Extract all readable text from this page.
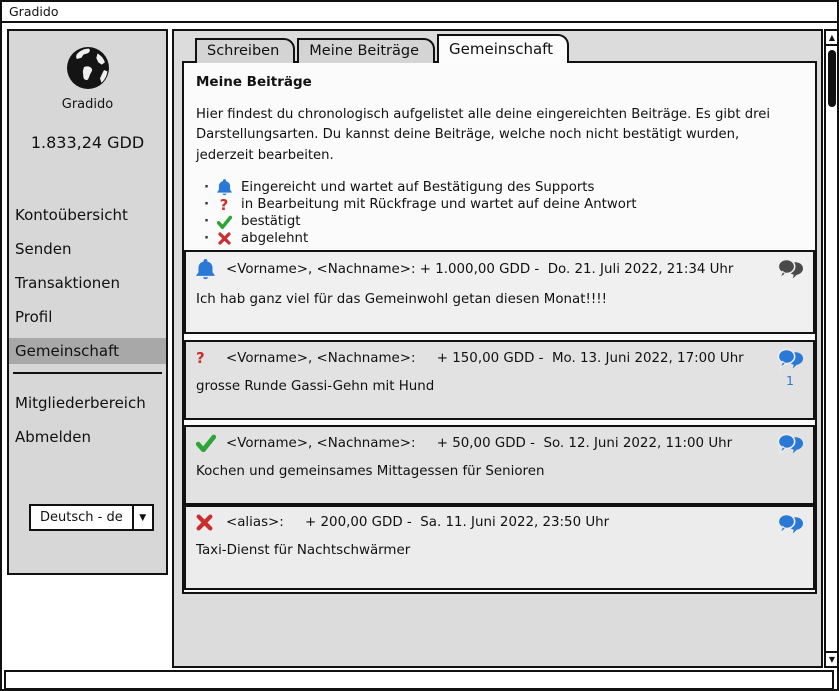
Gradido
Gradido
1.833,24 GDD
Kontoübersicht
Senden
Transaktionen
Profil
Gemeinschaft
Mitgliederbereich
Abmelden
Deutsch - de	▼
Schreiben	Meine Beiträge	Gemeinschaft
Meine Beiträge

Hier findest du chronologisch aufgelistet alle deine eingereichten Beiträge. Es gibt drei Darstellungsarten. Du kannst deine Beiträge, welche noch nicht bestätigt wurden, jederzeit bearbeiten.

·	Eingereicht und wartet auf Bestätigung des Supports
· ? in Bearbeitung mit Rückfrage und wartet auf deine Antwort
·	bestätigt
·	abgelehnt
<Vorname>, <Nachname>: + 1.000,00 GDD -  Do. 21. Juli 2022, 21:34 Uhr
Ich hab ganz viel für das Gemeinwohl getan diesen Monat!!!!
?	<Vorname>, <Nachname>:     + 150,00 GDD -  Mo. 13. Juni 2022, 17:00 Uhr
grosse Runde Gassi-Gehn mit Hund	1
<Vorname>, <Nachname>:     + 50,00 GDD -  So. 12. Juni 2022, 11:00 Uhr
Kochen und gemeinsames Mittagessen für Senioren
<alias>:     + 200,00 GDD -  Sa. 11. Juni 2022, 23:50 Uhr
Taxi-Dienst für Nachtschwärmer
▲
▼
